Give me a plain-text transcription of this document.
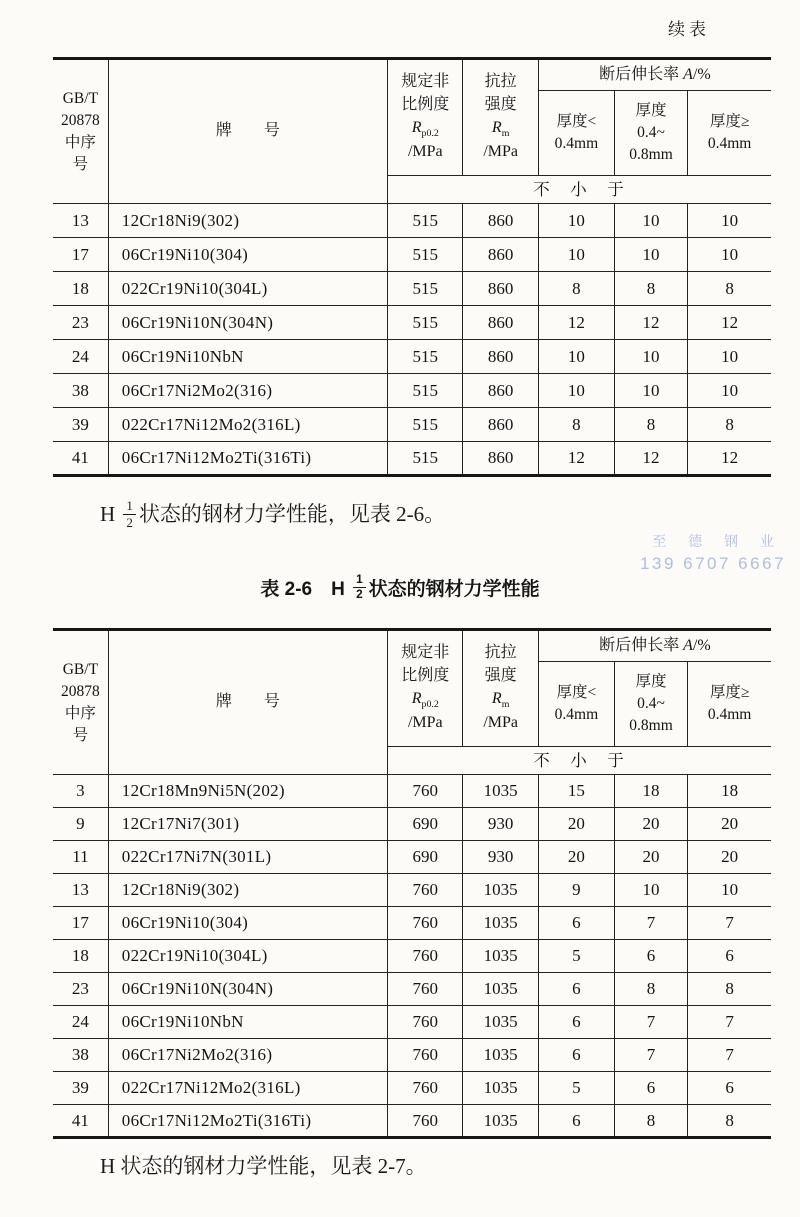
续表
GB/T
20878
中序
号	牌　　号	规定非
比例度
$R_{p0.2}$
/MPa	抗拉
强度
$R_m$
/MPa	断后伸长率 A/%		

				厚度<
0.4mm	厚度
0.4~
0.8mm	厚度≥
0.4mm

		不　小　于				
13	12Cr18Ni9(302)	515	860	10	10	10
17	06Cr19Ni10(304)	515	860	10	10	10
18	022Cr19Ni10(304L)	515	860	8	8	8
23	06Cr19Ni10N(304N)	515	860	12	12	12
24	06Cr19Ni10NbN	515	860	10	10	10
38	06Cr17Ni2Mo2(316)	515	860	10	10	10
39	022Cr17Ni12Mo2(316L)	515	860	8	8	8
41	06Cr17Ni12Mo2Ti(316Ti)	515	860	12	12	12
H $\frac{1}{2}$ 状态的钢材力学性能，见表 2-6。
至 德 钢 业
139 6707 6667
表 2-6　H $\frac{1}{2}$ 状态的钢材力学性能
GB/T
20878
中序
号	牌　　号	规定非
比例度
$R_{p0.2}$
/MPa	抗拉
强度
$R_m$
/MPa	断后伸长率 A/%		

				厚度<
0.4mm	厚度
0.4~
0.8mm	厚度≥
0.4mm

		不　小　于				
3	12Cr18Mn9Ni5N(202)	760	1035	15	18	18
9	12Cr17Ni7(301)	690	930	20	20	20
11	022Cr17Ni7N(301L)	690	930	20	20	20
13	12Cr18Ni9(302)	760	1035	9	10	10
17	06Cr19Ni10(304)	760	1035	6	7	7
18	022Cr19Ni10(304L)	760	1035	5	6	6
23	06Cr19Ni10N(304N)	760	1035	6	8	8
24	06Cr19Ni10NbN	760	1035	6	7	7
38	06Cr17Ni2Mo2(316)	760	1035	6	7	7
39	022Cr17Ni12Mo2(316L)	760	1035	5	6	6
41	06Cr17Ni12Mo2Ti(316Ti)	760	1035	6	8	8
H 状态的钢材力学性能，见表 2-7。
